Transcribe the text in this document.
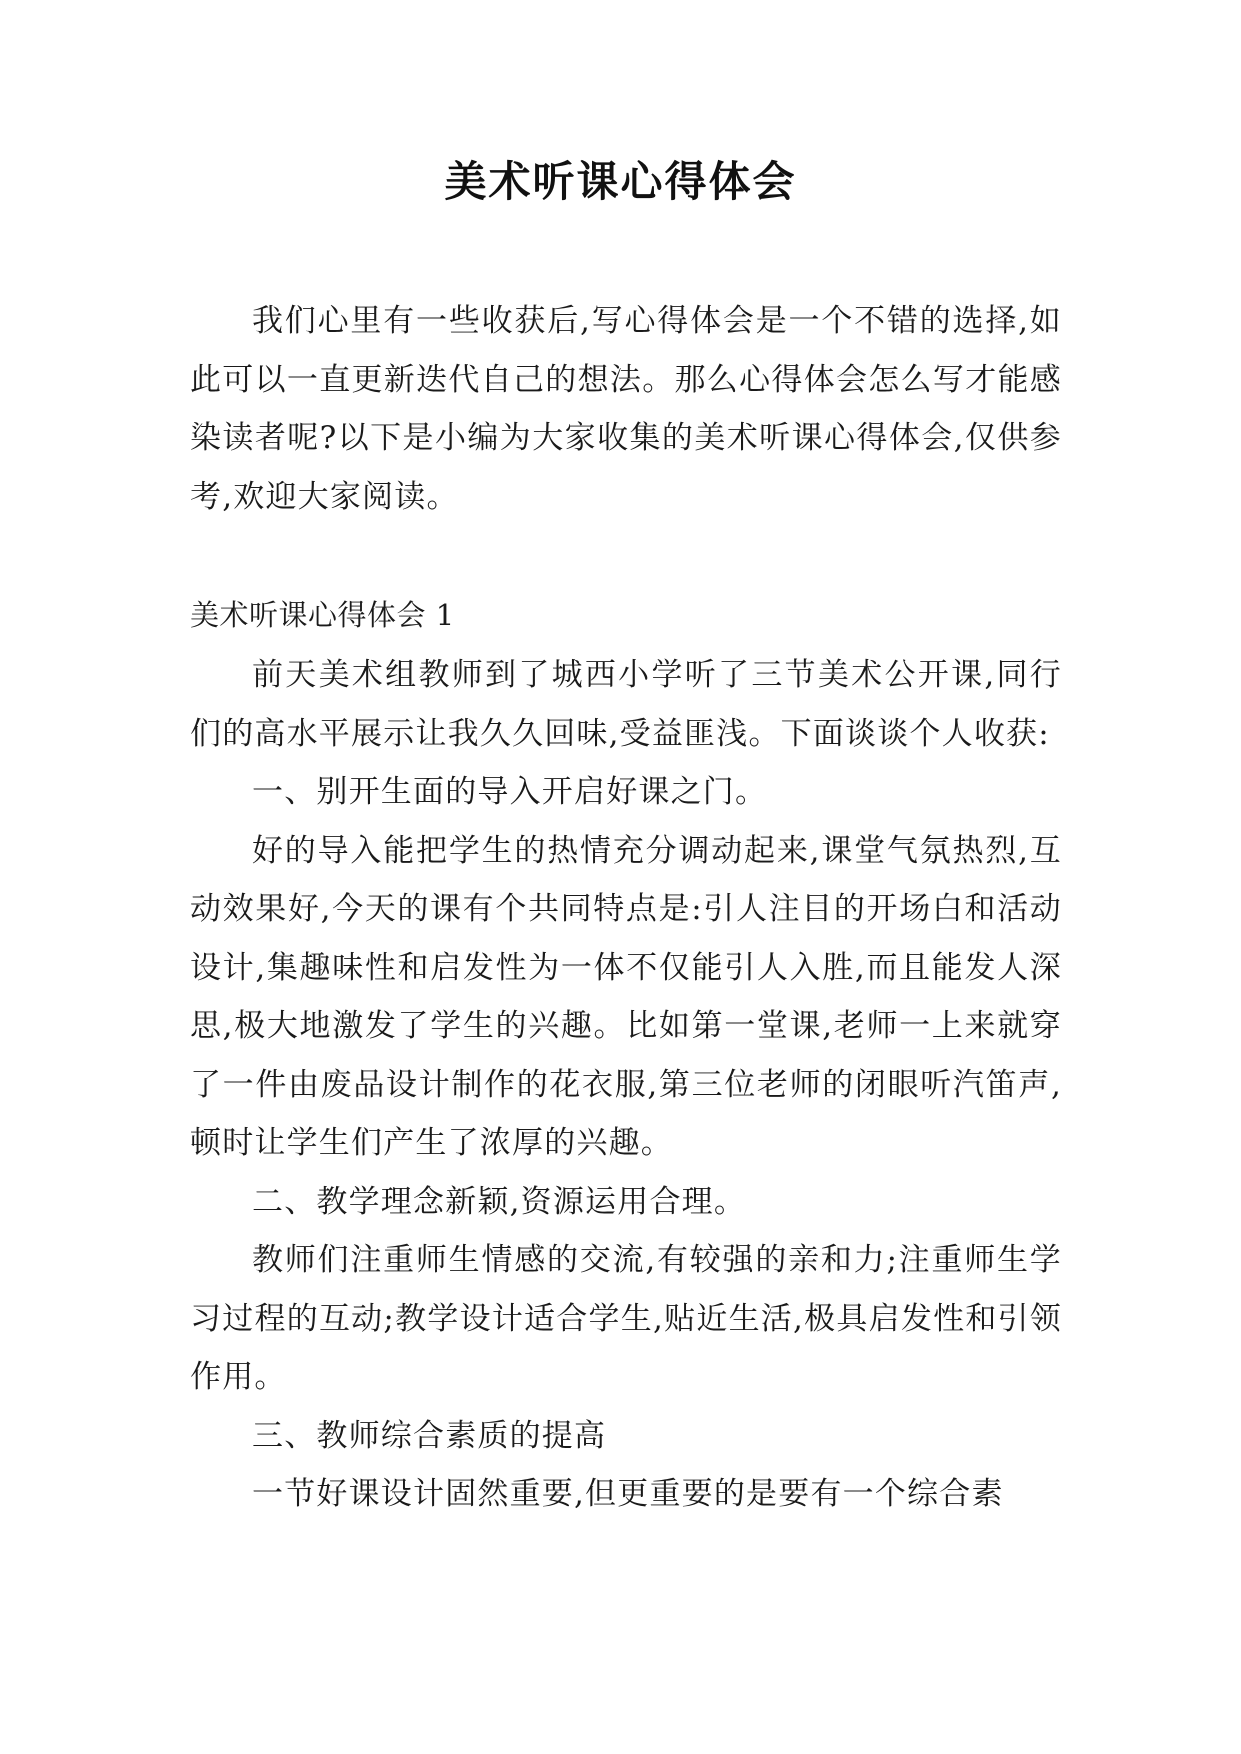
美术听课心得体会

我们心里有一些收获后,写心得体会是一个不错的选择,如此可以一直更新迭代自己的想法。那么心得体会怎么写才能感染读者呢?以下是小编为大家收集的美术听课心得体会,仅供参考,欢迎大家阅读。

美术听课心得体会 1

前天美术组教师到了城西小学听了三节美术公开课,同行们的高水平展示让我久久回味,受益匪浅。下面谈谈个人收获:

一、别开生面的导入开启好课之门。

好的导入能把学生的热情充分调动起来,课堂气氛热烈,互动效果好,今天的课有个共同特点是:引人注目的开场白和活动设计,集趣味性和启发性为一体不仅能引人入胜,而且能发人深思,极大地激发了学生的兴趣。比如第一堂课,老师一上来就穿了一件由废品设计制作的花衣服,第三位老师的闭眼听汽笛声,顿时让学生们产生了浓厚的兴趣。

二、教学理念新颖,资源运用合理。

教师们注重师生情感的交流,有较强的亲和力;注重师生学习过程的互动;教学设计适合学生,贴近生活,极具启发性和引领作用。

三、教师综合素质的提高

一节好课设计固然重要,但更重要的是要有一个综合素
